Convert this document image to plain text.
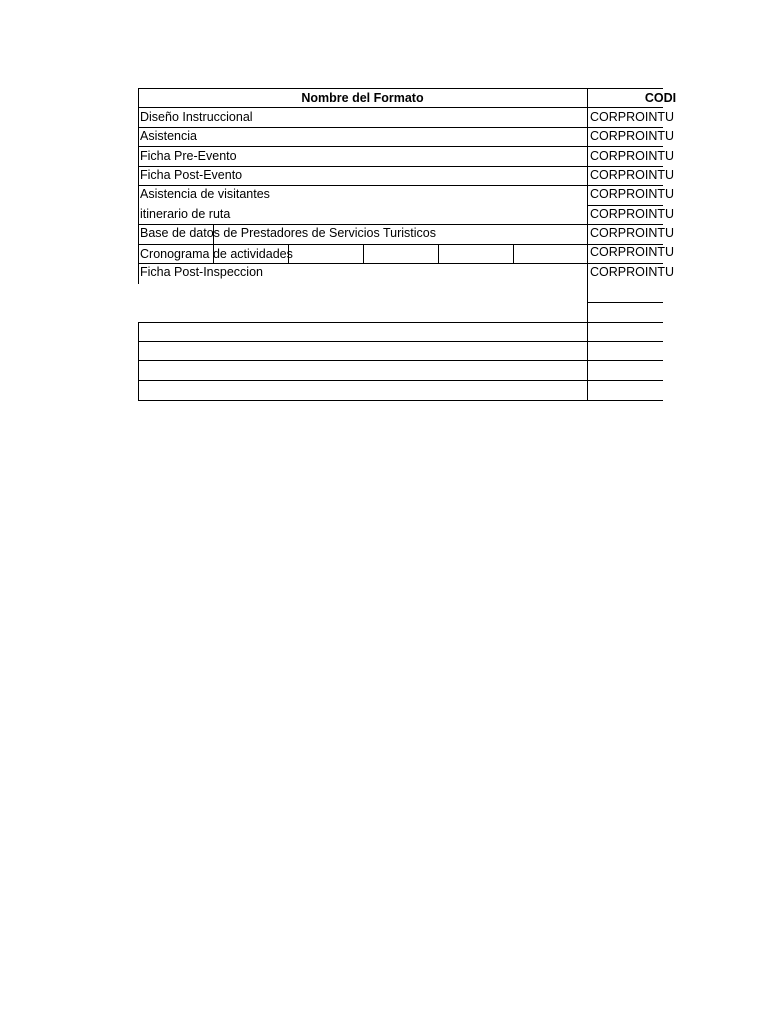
Nombre del Formato	CODI
Diseño Instruccional
Asistencia
Ficha Pre-Evento
Ficha Post-Evento
Asistencia de visitantes
itinerario de ruta
Base de datos de Prestadores de Servicios Turisticos
Cronograma de actividades
Ficha Post-Inspeccion
CORPROINTU
CORPROINTU
CORPROINTU
CORPROINTU
CORPROINTU
CORPROINTU
CORPROINTU
CORPROINTU
CORPROINTU
